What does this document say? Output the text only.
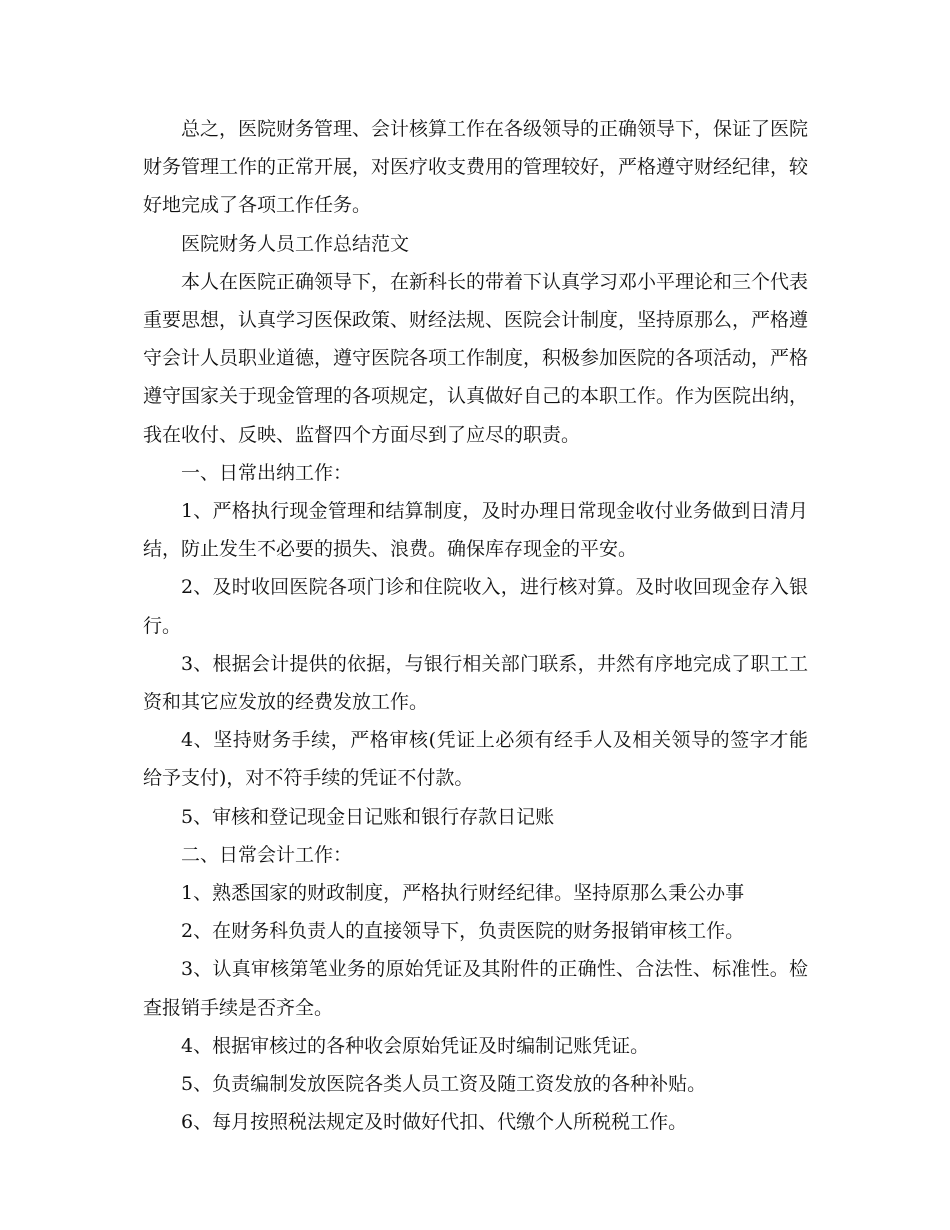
总之，医院财务管理、会计核算工作在各级领导的正确领导下，保证了医院财务管理工作的正常开展，对医疗收支费用的管理较好，严格遵守财经纪律，较好地完成了各项工作任务。

医院财务人员工作总结范文

本人在医院正确领导下，在新科长的带着下认真学习邓小平理论和三个代表重要思想，认真学习医保政策、财经法规、医院会计制度，坚持原那么，严格遵守会计人员职业道德，遵守医院各项工作制度，积极参加医院的各项活动，严格遵守国家关于现金管理的各项规定，认真做好自己的本职工作。作为医院出纳，我在收付、反映、监督四个方面尽到了应尽的职责。

一、日常出纳工作：

1、严格执行现金管理和结算制度，及时办理日常现金收付业务做到日清月结，防止发生不必要的损失、浪费。确保库存现金的平安。

2、及时收回医院各项门诊和住院收入，进行核对算。及时收回现金存入银行。

3、根据会计提供的依据，与银行相关部门联系，井然有序地完成了职工工资和其它应发放的经费发放工作。

4、坚持财务手续，严格审核(凭证上必须有经手人及相关领导的签字才能给予支付)，对不符手续的凭证不付款。

5、审核和登记现金日记账和银行存款日记账

二、日常会计工作：

1、熟悉国家的财政制度，严格执行财经纪律。坚持原那么秉公办事

2、在财务科负责人的直接领导下，负责医院的财务报销审核工作。

3、认真审核第笔业务的原始凭证及其附件的正确性、合法性、标准性。检查报销手续是否齐全。

4、根据审核过的各种收会原始凭证及时编制记账凭证。

5、负责编制发放医院各类人员工资及随工资发放的各种补贴。

6、每月按照税法规定及时做好代扣、代缴个人所税税工作。
